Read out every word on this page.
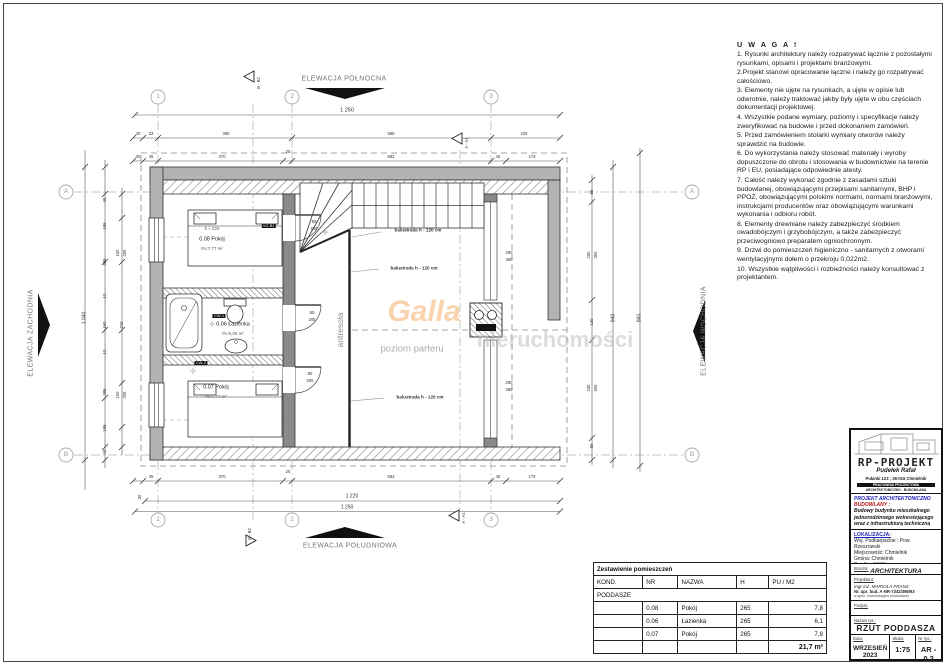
1 250
30 33	395	588	225
30 45	370
25
582	45	173
45	370
25
582	45	173
1 220
1 250
30
1 040
40
195
285
12
160
12
285
195
40
150 205
240
150 205
55
250 365
130
230 365
55
940	860
1	2	3
1	2	3
A
B
A
B
ELEWACJA PÓŁNOCNA
ELEWACJA POŁUDNIOWA
ELEWACJA ZACHODNIA	ELEWACJA WSCHODNIA
B - B2
A - A1
B - B2
A - A1
h = 220
0.08 Pokój
Pu:7,77 m²
0.06 Łazienka
Pu:6,06 m²
0.07 Pokój
Pu:7,77 m²
balustrada h - 120 cm
balustrada h - 120 cm
balustrada h - 120 cm
antresola
poziom parteru
80
205
80
205
80
205
290
360
290
360
KZ-B1
CW-1
CW-2
✛
✛
✛
Galla
nieruchomości
U W A G A !
1. Rysunki architektury należy rozpatrywać łącznie z pozostałymi rysunkami, opisami i projektami branżowymi.
2.Projekt stanowi opracowanie łączne i należy go rozpatrywać całościowo.
3. Elementy nie ujęte na rysunkach, a ujęte w opisie lub odwrotnie, należy traktować jakby były ujęte w obu częściach dokumentacji projektowej.
4. Wszystkie podane wymiary, poziomy i specyfikacje należy zweryfikować na budowie i przed dokonaniem zamówień.
5. Przed zamówieniem stolarki wymiary otworów należy sprawdzić na budowie.
6. Do wykorzystania należy stosować materiały i wyroby dopuszczone do obrotu i stosowania w budownictwie na terenie RP i EU, posiadające odpowiednie atesty.
7. Całość należy wykonać zgodnie z zasadami sztuki budowlanej, obowiązującymi przepisami sanitarnymi, BHP i PPOŻ, obowiązującymi polskimi normami, normami branżowymi, instrukcjami producentów oraz obowiązującymi warunkami wykonania i odbioru robót.
8. Elementy drewniane należy zabezpieczyć środkiem owadobójczym i grzybobójczym, a także zabezpieczyć przeciwogniowo preparatem ogniochronnym.
9. Drzwi do pomieszczeń higieniczno - sanitarnych z otworami wentylacyjnymi dołem o przekroju 0,022m2.
10. Wszystkie wątpliwości i rozbieżności należy konsultować z projektantem.
Zestawienie pomieszczeń				
KOND.	NR	NAZWA	H	PU / M2
PODDASZE				
	0.08	Pokój	265	7,8
	0.06	Łazienka	265	6,1
	0.07	Pokój	265	7,8
				21,7 m²
RP-PROJEKT
Pudełek Rafał
Pułanki 123 ; 36-016 Chmielnik
PRACOWNIA PROJEKTOWA
ARCHITEKTONICZNO - BUDOWLANA
PROJEKT ARCHITEKTONICZNO
BUDOWLANY :
Budowy budynku mieszkalnego
jednorodzinnego wolnostojącego
wraz z infrastrukturą techniczną
LOKALIZACJA:
Woj. Podkarpackie ; Pow. Rzeszowski
Miejscowość: Chmielnik
Gmina: Chmielnik
Branża: ARCHITEKTURA
Projektant:
mgr inż. MARIOLA FRANZ
Nr. upr. bud. A-NR-7342/398/93
w spec. konstrukcyjno-budowlanej
Podpis:
Nazwa rys.:
RZUT PODDASZA
Data:
WRZESIEŃ 2023
Skala:
1:75
Nr rys.:
AR - 0.2
